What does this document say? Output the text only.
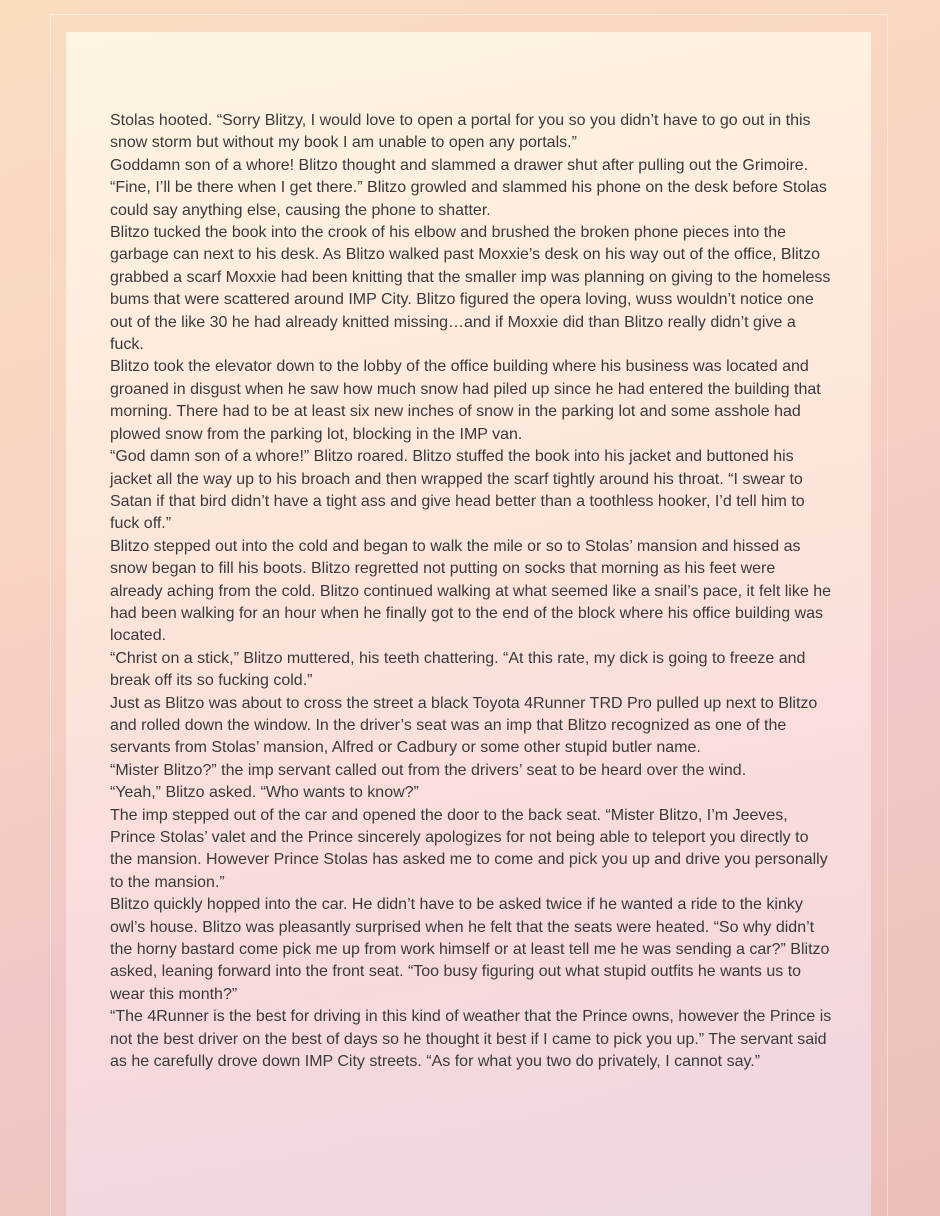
Stolas hooted. “Sorry Blitzy, I would love to open a portal for you so you didn’t have to go out in this snow storm but without my book I am unable to open any portals.”

Goddamn son of a whore! Blitzo thought and slammed a drawer shut after pulling out the Grimoire. “Fine, I’ll be there when I get there.” Blitzo growled and slammed his phone on the desk before Stolas could say anything else, causing the phone to shatter.

Blitzo tucked the book into the crook of his elbow and brushed the broken phone pieces into the garbage can next to his desk. As Blitzo walked past Moxxie’s desk on his way out of the office, Blitzo grabbed a scarf Moxxie had been knitting that the smaller imp was planning on giving to the homeless bums that were scattered around IMP City. Blitzo figured the opera loving, wuss wouldn’t notice one out of the like 30 he had already knitted missing…and if Moxxie did than Blitzo really didn’t give a fuck.

Blitzo took the elevator down to the lobby of the office building where his business was located and groaned in disgust when he saw how much snow had piled up since he had entered the building that morning. There had to be at least six new inches of snow in the parking lot and some asshole had plowed snow from the parking lot, blocking in the IMP van.

“God damn son of a whore!” Blitzo roared. Blitzo stuffed the book into his jacket and buttoned his jacket all the way up to his broach and then wrapped the scarf tightly around his throat. “I swear to Satan if that bird didn’t have a tight ass and give head better than a toothless hooker, I’d tell him to fuck off.”

Blitzo stepped out into the cold and began to walk the mile or so to Stolas’ mansion and hissed as snow began to fill his boots. Blitzo regretted not putting on socks that morning as his feet were already aching from the cold. Blitzo continued walking at what seemed like a snail’s pace, it felt like he had been walking for an hour when he finally got to the end of the block where his office building was located.

“Christ on a stick,” Blitzo muttered, his teeth chattering. “At this rate, my dick is going to freeze and break off its so fucking cold.”

Just as Blitzo was about to cross the street a black Toyota 4Runner TRD Pro pulled up next to Blitzo and rolled down the window. In the driver’s seat was an imp that Blitzo recognized as one of the servants from Stolas’ mansion, Alfred or Cadbury or some other stupid butler name.

“Mister Blitzo?” the imp servant called out from the drivers’ seat to be heard over the wind.

“Yeah,” Blitzo asked. “Who wants to know?”

The imp stepped out of the car and opened the door to the back seat. “Mister Blitzo, I’m Jeeves, Prince Stolas’ valet and the Prince sincerely apologizes for not being able to teleport you directly to the mansion. However Prince Stolas has asked me to come and pick you up and drive you personally to the mansion.”

Blitzo quickly hopped into the car. He didn’t have to be asked twice if he wanted a ride to the kinky owl’s house. Blitzo was pleasantly surprised when he felt that the seats were heated. “So why didn’t the horny bastard come pick me up from work himself or at least tell me he was sending a car?” Blitzo asked, leaning forward into the front seat. “Too busy figuring out what stupid outfits he wants us to wear this month?”

“The 4Runner is the best for driving in this kind of weather that the Prince owns, however the Prince is not the best driver on the best of days so he thought it best if I came to pick you up.” The servant said as he carefully drove down IMP City streets. “As for what you two do privately, I cannot say.”
